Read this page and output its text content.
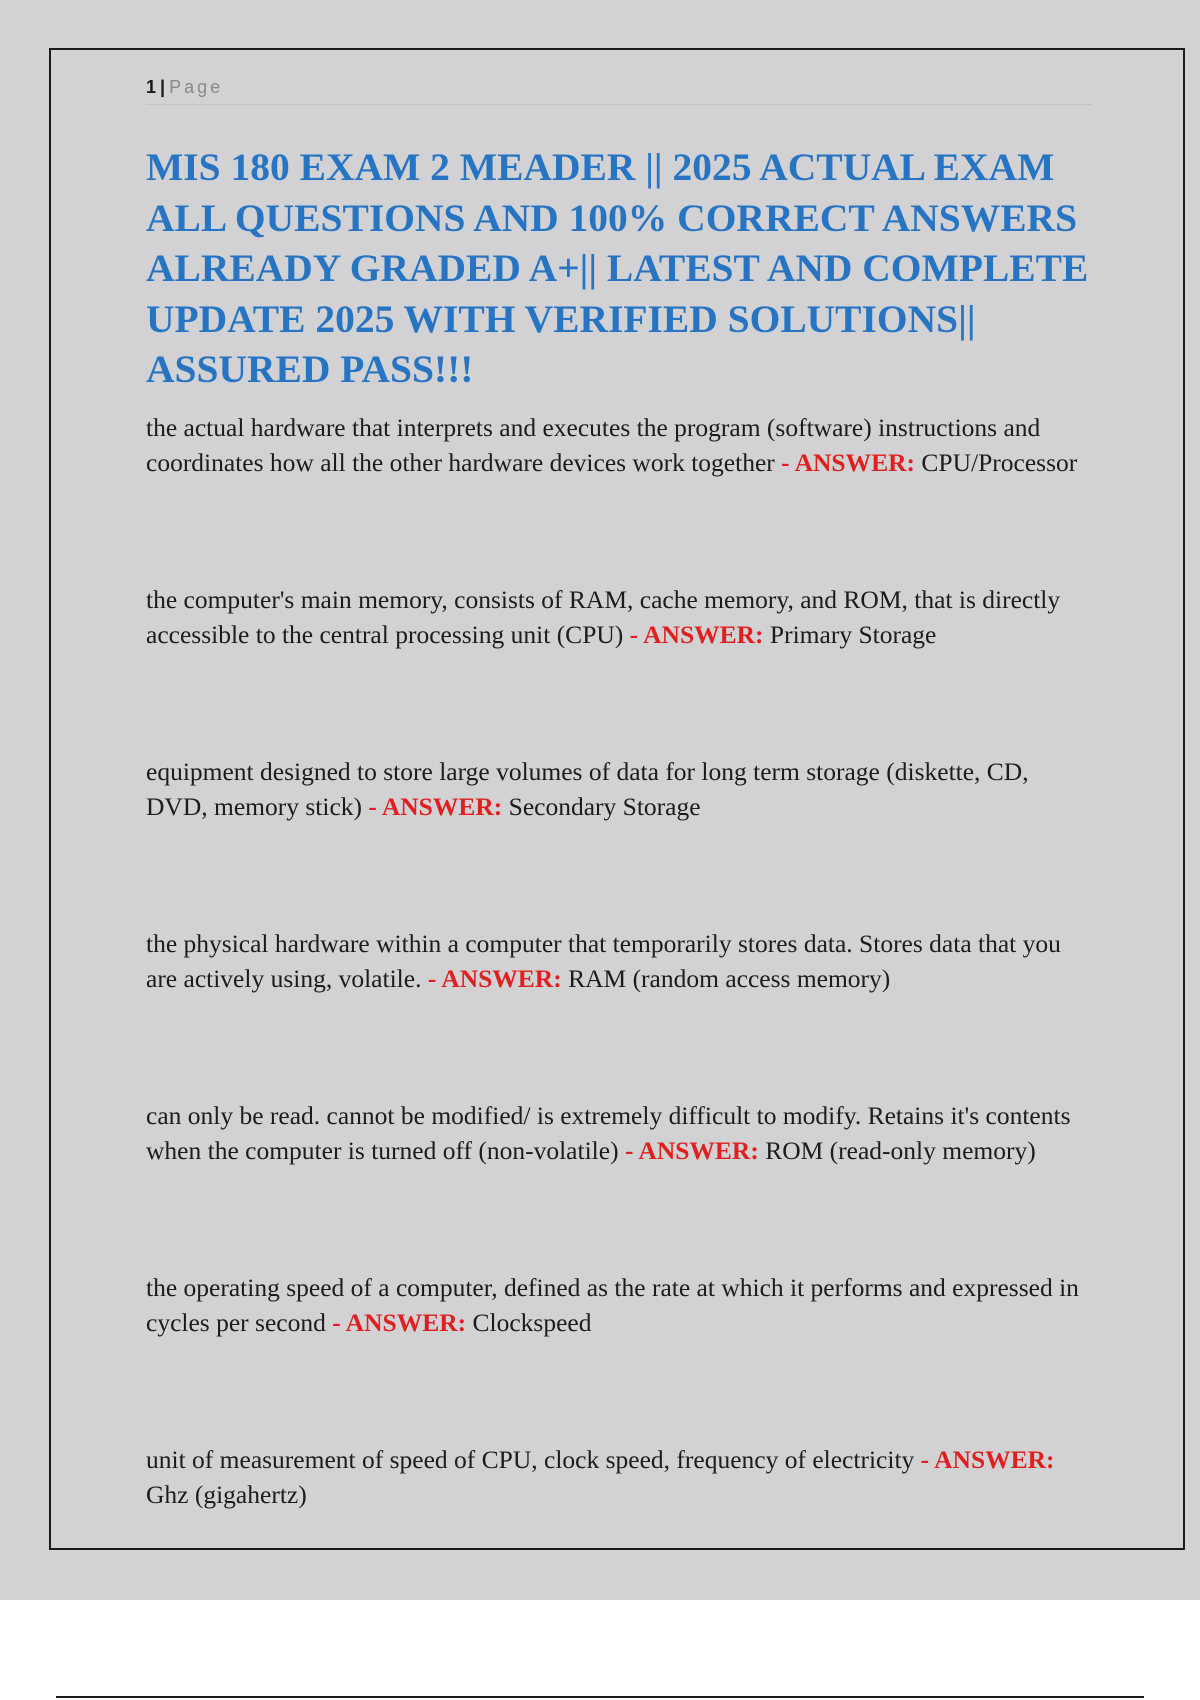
1 | Page
MIS 180 EXAM 2 MEADER || 2025 ACTUAL EXAM ALL QUESTIONS AND 100% CORRECT ANSWERS ALREADY GRADED A+|| LATEST AND COMPLETE UPDATE 2025 WITH VERIFIED SOLUTIONS|| ASSURED PASS!!!

the actual hardware that interprets and executes the program (software) instructions and coordinates how all the other hardware devices work together - ANSWER: CPU/Processor

the computer's main memory, consists of RAM, cache memory, and ROM, that is directly accessible to the central processing unit (CPU) - ANSWER: Primary Storage

equipment designed to store large volumes of data for long term storage (diskette, CD, DVD, memory stick) - ANSWER: Secondary Storage

the physical hardware within a computer that temporarily stores data. Stores data that you are actively using, volatile. - ANSWER: RAM (random access memory)

can only be read. cannot be modified/ is extremely difficult to modify. Retains it's contents when the computer is turned off (non-volatile) - ANSWER: ROM (read-only memory)

the operating speed of a computer, defined as the rate at which it performs and expressed in cycles per second - ANSWER: Clockspeed

unit of measurement of speed of CPU, clock speed, frequency of electricity - ANSWER: Ghz (gigahertz)
